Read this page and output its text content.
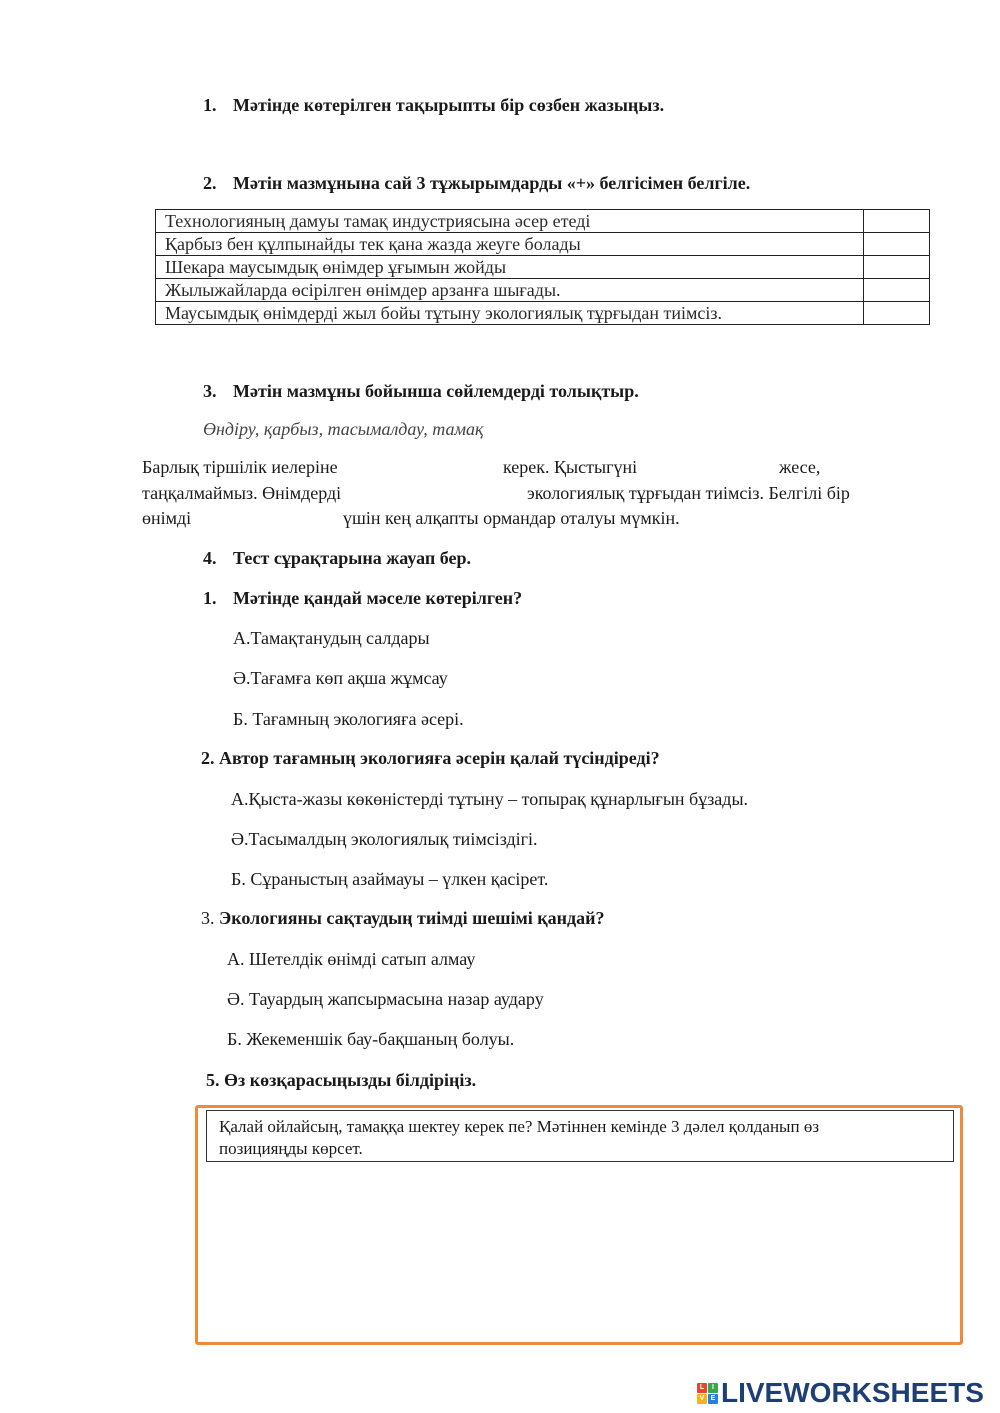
1. Мәтінде көтерілген тақырыпты бір сөзбен жазыңыз.
2. Мәтін мазмұнына сай 3 тұжырымдарды «+» белгісімен белгіле.
Технологияның дамуы тамақ индустриясына әсер етеді	
Қарбыз бен құлпынайды тек қана жазда жеуге болады	
Шекара маусымдық өнімдер ұғымын жойды	
Жылыжайларда өсірілген өнімдер арзанға шығады.	
Маусымдық өнімдерді жыл бойы тұтыну экологиялық тұрғыдан тиімсіз.	
3. Мәтін мазмұны бойынша сөйлемдерді толықтыр.
Өндіру, қарбыз, тасымалдау, тамақ
Барлық тіршілік иелеріне	керек. Қыстыгүні	жесе,
таңқалмаймыз. Өнімдерді	экологиялық тұрғыдан тиімсіз. Белгілі бір
өнімді	үшін кең алқапты ормандар оталуы мүмкін.
4. Тест сұрақтарына жауап бер.
1. Мәтінде қандай мәселе көтерілген?
А.Тамақтанудың салдары
Ә.Тағамға көп ақша жұмсау
Б. Тағамның экологияға әсері.
2. Автор тағамның экологияға әсерін қалай түсіндіреді?
А.Қыста-жазы көкөністерді тұтыну – топырақ құнарлығын бұзады.
Ә.Тасымалдың экологиялық тиімсіздігі.
Б. Сұраныстың азаймауы – үлкен қасірет.
3. Экологияны сақтаудың тиімді шешімі қандай?
А. Шетелдік өнімді сатып алмау
Ә. Тауардың жапсырмасына назар аудару
Б. Жекеменшік бау-бақшаның болуы.
5. Өз көзқарасыңызды білдіріңіз.
Қалай ойлайсың, тамаққа шектеу керек пе? Мәтіннен кемінде 3 дәлел қолданып өз
позицияңды көрсет.
L	I
V E LIVEWORKSHEETS
